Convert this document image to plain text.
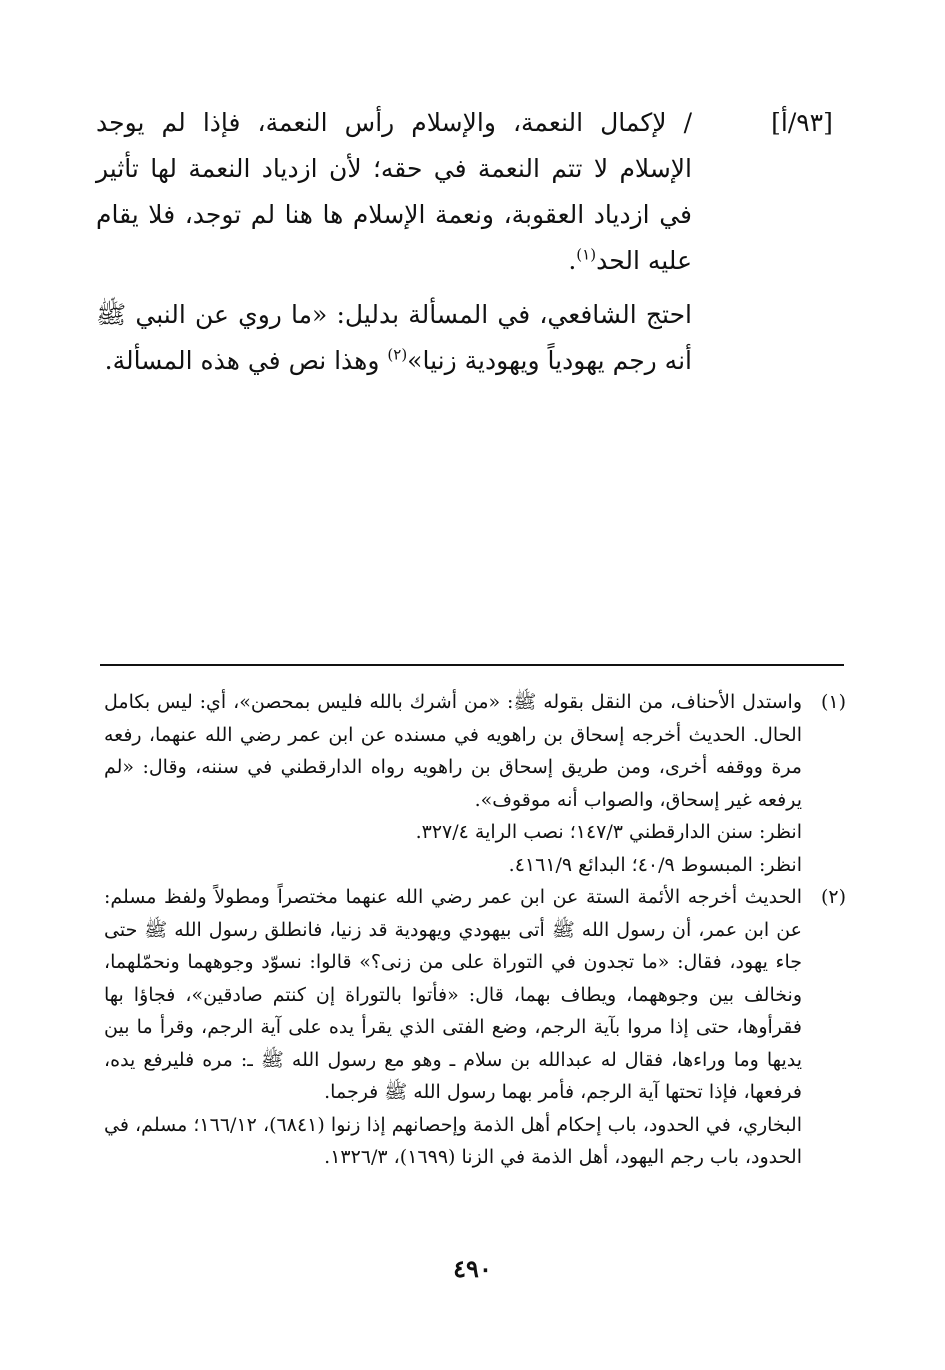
[٩٣/أ]

/ لإكمال النعمة، والإسلام رأس النعمة، فإذا لم يوجد الإسلام لا تتم النعمة في حقه؛ لأن ازدياد النعمة لها تأثير في ازدياد العقوبة، ونعمة الإسلام ها هنا لم توجد، فلا يقام عليه الحد$^{(١)}$.

احتج الشافعي، في المسألة بدليل: «ما روي عن النبي ﷺ أنه رجم يهودياً ويهودية زنيا»$^{(٢)}$ وهذا نص في هذه المسألة.

(١)

واستدل الأحناف، من النقل بقوله ﷺ: «من أشرك بالله فليس بمحصن»، أي: ليس بكامل الحال. الحديث أخرجه إسحاق بن راهويه في مسنده عن ابن عمر رضي الله عنهما، رفعه مرة ووقفه أخرى، ومن طريق إسحاق بن راهويه رواه الدارقطني في سننه، وقال: «لم يرفعه غير إسحاق، والصواب أنه موقوف».

انظر: سنن الدارقطني ١٤٧/٣؛ نصب الراية ٣٢٧/٤.

انظر: المبسوط ٤٠/٩؛ البدائع ٤١٦١/٩.

(٢)

الحديث أخرجه الأئمة الستة عن ابن عمر رضي الله عنهما مختصراً ومطولاً ولفظ مسلم: عن ابن عمر، أن رسول الله ﷺ أتى بيهودي ويهودية قد زنيا، فانطلق رسول الله ﷺ حتى جاء يهود، فقال: «ما تجدون في التوراة على من زنى؟» قالوا: نسوّد وجوههما ونحمّلهما، ونخالف بين وجوههما، ويطاف بهما، قال: «فأتوا بالتوراة إن كنتم صادقين»، فجاؤا بها فقرأوها، حتى إذا مروا بآية الرجم، وضع الفتى الذي يقرأ يده على آية الرجم، وقرأ ما بين يديها وما وراءها، فقال له عبدالله بن سلام ـ وهو مع رسول الله ﷺ ـ: مره فليرفع يده، فرفعها، فإذا تحتها آية الرجم، فأمر بهما رسول الله ﷺ فرجما.

البخاري، في الحدود، باب إحكام أهل الذمة وإحصانهم إذا زنوا (٦٨٤١)، ١٦٦/١٢؛ مسلم، في الحدود، باب رجم اليهود، أهل الذمة في الزنا (١٦٩٩)، ١٣٢٦/٣.

٤٩٠
